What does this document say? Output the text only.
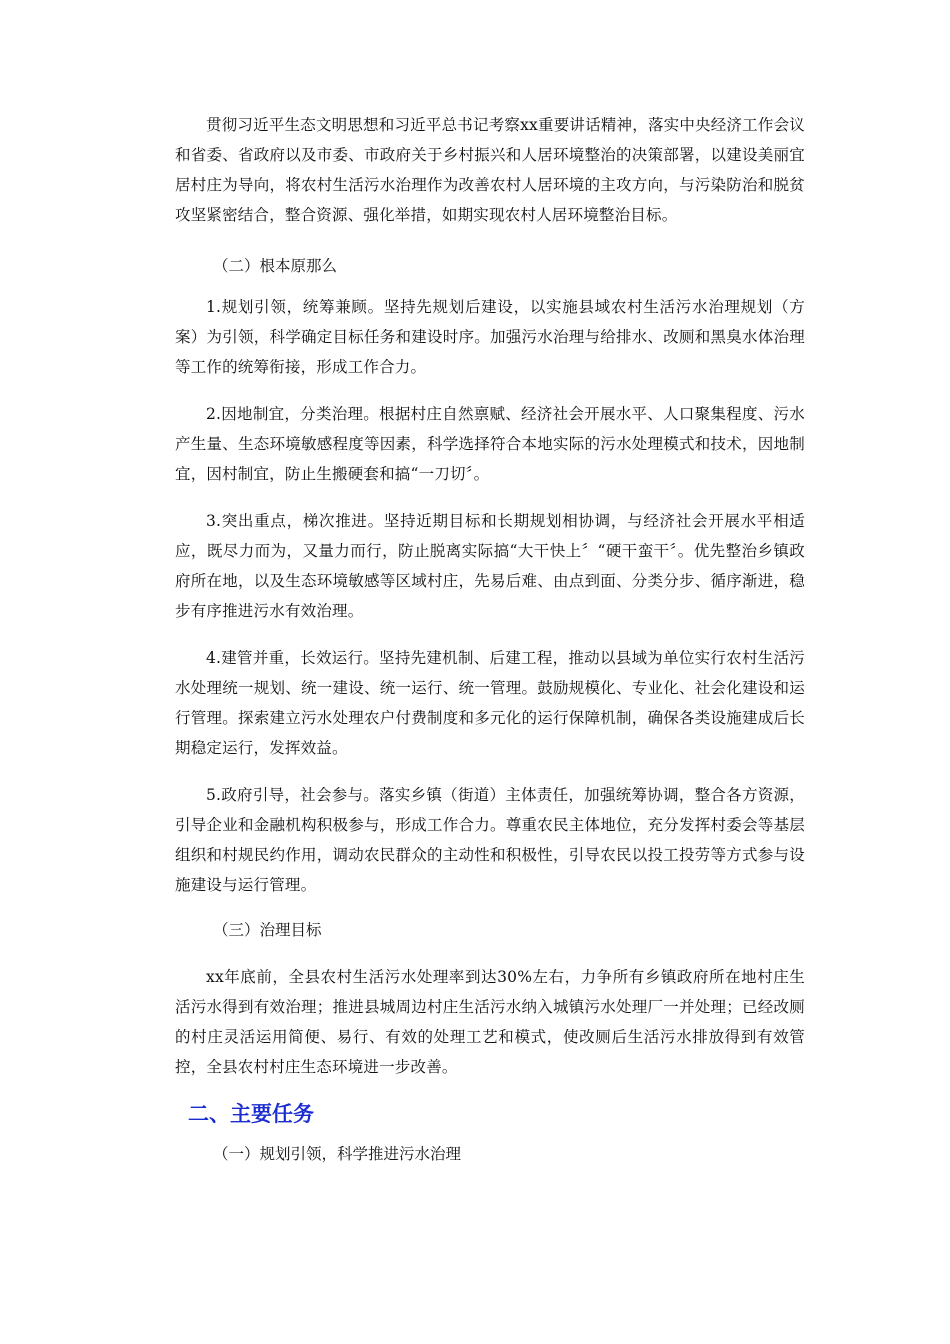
贯彻习近平生态文明思想和习近平总书记考察xx重要讲话精神，落实中央经济工作会议和省委、省政府以及市委、市政府关于乡村振兴和人居环境整治的决策部署，以建设美丽宜居村庄为导向，将农村生活污水治理作为改善农村人居环境的主攻方向，与污染防治和脱贫攻坚紧密结合，整合资源、强化举措，如期实现农村人居环境整治目标。

（二）根本原那么

1.规划引领，统筹兼顾。坚持先规划后建设，以实施县域农村生活污水治理规划（方案）为引领，科学确定目标任务和建设时序。加强污水治理与给排水、改厕和黑臭水体治理等工作的统筹衔接，形成工作合力。

2.因地制宜，分类治理。根据村庄自然禀赋、经济社会开展水平、人口聚集程度、污水产生量、生态环境敏感程度等因素，科学选择符合本地实际的污水处理模式和技术，因地制宜，因村制宜，防止生搬硬套和搞“一刀切〞。

3.突出重点，梯次推进。坚持近期目标和长期规划相协调，与经济社会开展水平相适应，既尽力而为，又量力而行，防止脱离实际搞“大干快上〞“硬干蛮干〞。优先整治乡镇政府所在地，以及生态环境敏感等区域村庄，先易后难、由点到面、分类分步、循序渐进，稳步有序推进污水有效治理。

4.建管并重，长效运行。坚持先建机制、后建工程，推动以县域为单位实行农村生活污水处理统一规划、统一建设、统一运行、统一管理。鼓励规模化、专业化、社会化建设和运行管理。探索建立污水处理农户付费制度和多元化的运行保障机制，确保各类设施建成后长期稳定运行，发挥效益。

5.政府引导，社会参与。落实乡镇（街道）主体责任，加强统筹协调，整合各方资源，引导企业和金融机构积极参与，形成工作合力。尊重农民主体地位，充分发挥村委会等基层组织和村规民约作用，调动农民群众的主动性和积极性，引导农民以投工投劳等方式参与设施建设与运行管理。

（三）治理目标

xx年底前，全县农村生活污水处理率到达30%左右，力争所有乡镇政府所在地村庄生活污水得到有效治理；推进县城周边村庄生活污水纳入城镇污水处理厂一并处理；已经改厕的村庄灵活运用简便、易行、有效的处理工艺和模式，使改厕后生活污水排放得到有效管控，全县农村村庄生态环境进一步改善。

二、主要任务

（一）规划引领，科学推进污水治理
